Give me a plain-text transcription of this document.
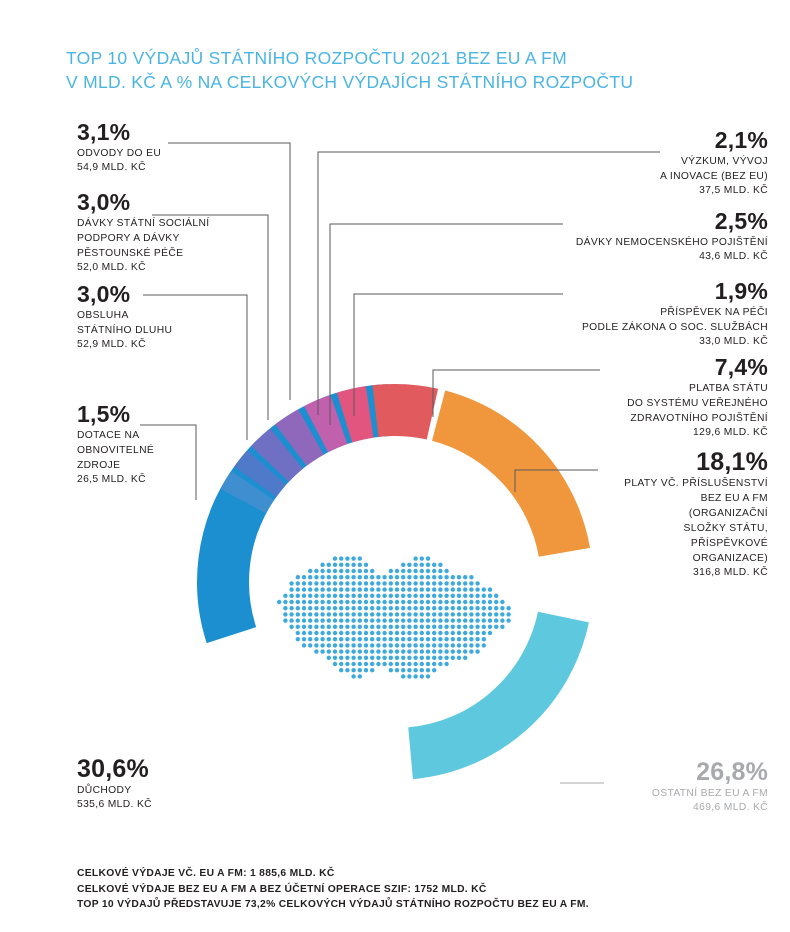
TOP 10 VÝDAJŮ STÁTNÍHO ROZPOČTU 2021 BEZ EU A FM
V MLD. KČ A % NA CELKOVÝCH VÝDAJÍCH STÁTNÍHO ROZPOČTU
3,1%
ODVODY DO EU
54,9 MLD. KČ
3,0%
DÁVKY STÁTNÍ SOCIÁLNÍ
PODPORY A DÁVKY
PĚSTOUNSKÉ PÉČE
52,0 MLD. KČ
3,0%
OBSLUHA
STÁTNÍHO DLUHU
52,9 MLD. KČ
1,5%
DOTACE NA
OBNOVITELNÉ
ZDROJE
26,5 MLD. KČ
30,6%
DŮCHODY
535,6 MLD. KČ
2,1%
VÝZKUM, VÝVOJ
A INOVACE (BEZ EU)
37,5 MLD. KČ
2,5%
DÁVKY NEMOCENSKÉHO POJIŠTĚNÍ
43,6 MLD. KČ
1,9%
PŘÍSPĚVEK NA PÉČI
PODLE ZÁKONA O SOC. SLUŽBÁCH
33,0 MLD. KČ
7,4%
PLATBA STÁTU
DO SYSTÉMU VEŘEJNÉHO
ZDRAVOTNÍHO POJIŠTĚNÍ
129,6 MLD. KČ
18,1%
PLATY VČ. PŘÍSLUŠENSTVÍ
BEZ EU A FM
(ORGANIZAČNÍ
SLOŽKY STÁTU,
PŘÍSPĚVKOVÉ
ORGANIZACE)
316,8 MLD. KČ
26,8%
OSTATNÍ BEZ EU A FM
469,6 MLD. KČ
CELKOVÉ VÝDAJE VČ. EU A FM: 1 885,6 MLD. KČ
CELKOVÉ VÝDAJE BEZ EU A FM A BEZ ÚČETNÍ OPERACE SZIF: 1752 MLD. KČ
TOP 10 VÝDAJŮ PŘEDSTAVUJE 73,2% CELKOVÝCH VÝDAJŮ STÁTNÍHO ROZPOČTU BEZ EU A FM.
